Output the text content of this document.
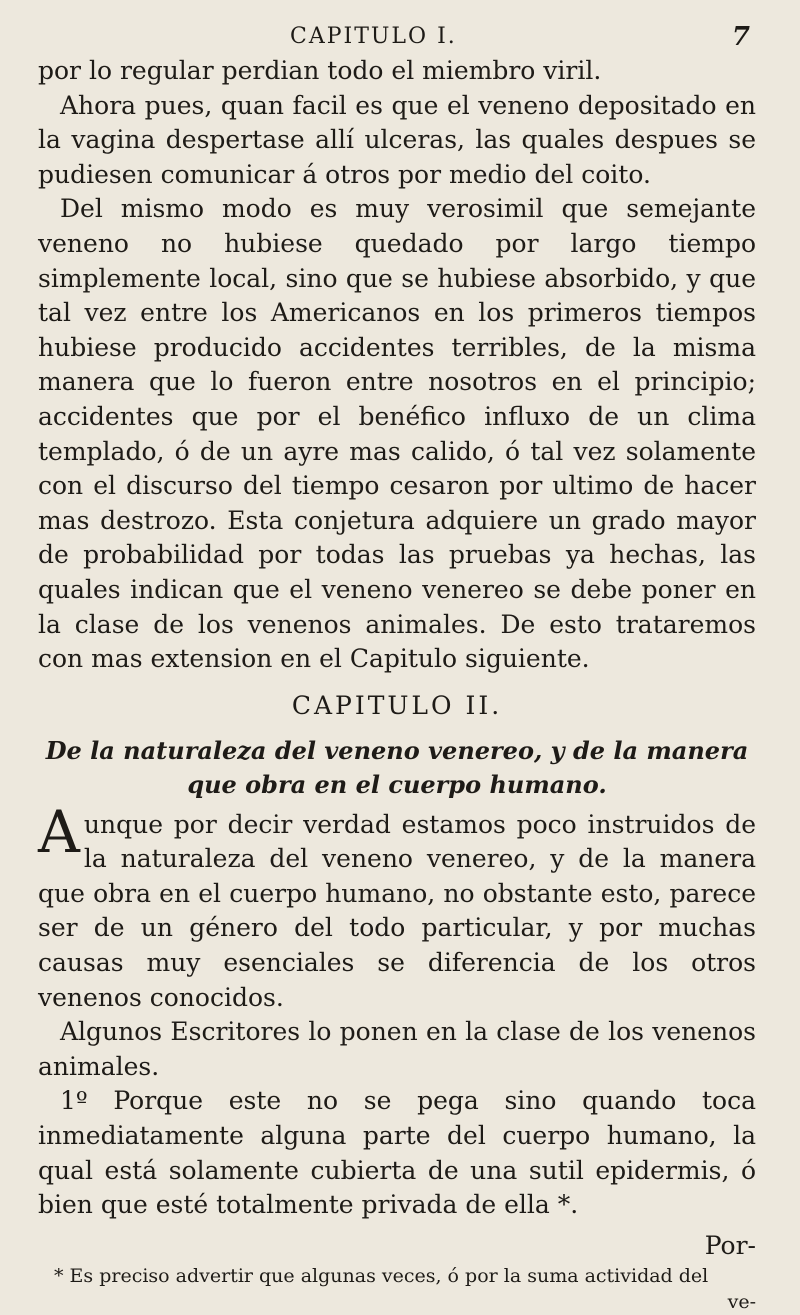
CAPITULO I.	7

por lo regular perdian todo el miembro viril.

Ahora pues, quan facil es que el veneno depositado en la vagina despertase allí ulceras, las quales despues se pudiesen comunicar á otros por medio del coito.

Del mismo modo es muy verosimil que semejante veneno no hubiese quedado por largo tiempo simplemente local, sino que se hubiese absorbido, y que tal vez entre los Americanos en los primeros tiempos hubiese producido accidentes terribles, de la misma manera que lo fueron entre nosotros en el principio; accidentes que por el benéfico influxo de un clima templado, ó de un ayre mas calido, ó tal vez solamente con el discurso del tiempo cesaron por ultimo de hacer mas destrozo. Esta conjetura adquiere un grado mayor de probabilidad por todas las pruebas ya hechas, las quales indican que el veneno venereo se debe poner en la clase de los venenos animales. De esto trataremos con mas extension en el Capitulo siguiente.

CAPITULO II.
De la naturaleza del veneno venereo, y de la manera que obra en el cuerpo humano.

Aunque por decir verdad estamos poco instruidos de la naturaleza del veneno venereo, y de la manera que obra en el cuerpo humano, no obstante esto, parece ser de un género del todo particular, y por muchas causas muy esenciales se diferencia de los otros venenos conocidos.

Algunos Escritores lo ponen en la clase de los venenos animales.

1º Porque este no se pega sino quando toca inmediatamente alguna parte del cuerpo humano, la qual está solamente cubierta de una sutil epidermis, ó bien que esté totalmente privada de ella *.

Por-

* Es preciso advertir que algunas veces, ó por la suma actividad del

ve-
